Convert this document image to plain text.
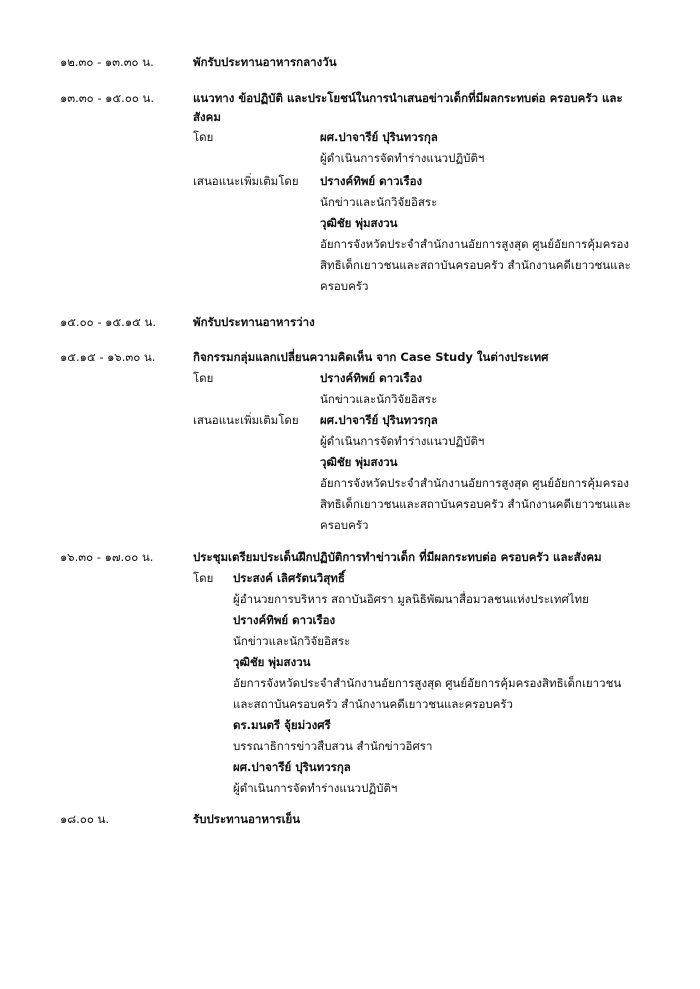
๑๒.๓๐ - ๑๓.๓๐ น.	พักรับประทานอาหารกลางวัน
๑๓.๓๐ - ๑๕.๐๐ น.	แนวทาง ข้อปฏิบัติ และประโยชน์ในการนำเสนอข่าวเด็กที่มีผลกระทบต่อ ครอบครัว และ
สังคม
โดย	ผศ.ปาจารีย์ ปุรินทวรกุล
ผู้ดำเนินการจัดทำร่างแนวปฏิบัติฯ
เสนอแนะเพิ่มเติมโดย ปรางค์ทิพย์ ดาวเรือง
นักข่าวและนักวิจัยอิสระ
วุฒิชัย พุ่มสงวน
อัยการจังหวัดประจำสำนักงานอัยการสูงสุด ศูนย์อัยการคุ้มครอง
สิทธิเด็กเยาวชนและสถาบันครอบครัว สำนักงานคดีเยาวชนและ
ครอบครัว
๑๕.๐๐ - ๑๕.๑๕ น.	พักรับประทานอาหารว่าง
๑๕.๑๕ - ๑๖.๓๐ น.	กิจกรรมกลุ่มแลกเปลี่ยนความคิดเห็น จาก Case Study ในต่างประเทศ
โดย	ปรางค์ทิพย์ ดาวเรือง
นักข่าวและนักวิจัยอิสระ
เสนอแนะเพิ่มเติมโดย ผศ.ปาจารีย์ ปุรินทวรกุล
ผู้ดำเนินการจัดทำร่างแนวปฏิบัติฯ
วุฒิชัย พุ่มสงวน
อัยการจังหวัดประจำสำนักงานอัยการสูงสุด ศูนย์อัยการคุ้มครอง
สิทธิเด็กเยาวชนและสถาบันครอบครัว สำนักงานคดีเยาวชนและ
ครอบครัว
๑๖.๓๐ - ๑๗.๐๐ น.	ประชุมเตรียมประเด็นฝึกปฏิบัติการทำข่าวเด็ก ที่มีผลกระทบต่อ ครอบครัว และสังคม
โดย ประสงค์ เลิศรัตนวิสุทธิ์
ผู้อำนวยการบริหาร สถาบันอิศรา มูลนิธิพัฒนาสื่อมวลชนแห่งประเทศไทย
ปรางค์ทิพย์ ดาวเรือง
นักข่าวและนักวิจัยอิสระ
วุฒิชัย พุ่มสงวน
อัยการจังหวัดประจำสำนักงานอัยการสูงสุด ศูนย์อัยการคุ้มครองสิทธิเด็กเยาวชน
และสถาบันครอบครัว สำนักงานคดีเยาวชนและครอบครัว
ดร.มนตรี จุ้ยม่วงศรี
บรรณาธิการข่าวสืบสวน สำนักข่าวอิศรา
ผศ.ปาจารีย์ ปุรินทวรกุล
ผู้ดำเนินการจัดทำร่างแนวปฏิบัติฯ
๑๘.๐๐ น.	รับประทานอาหารเย็น
